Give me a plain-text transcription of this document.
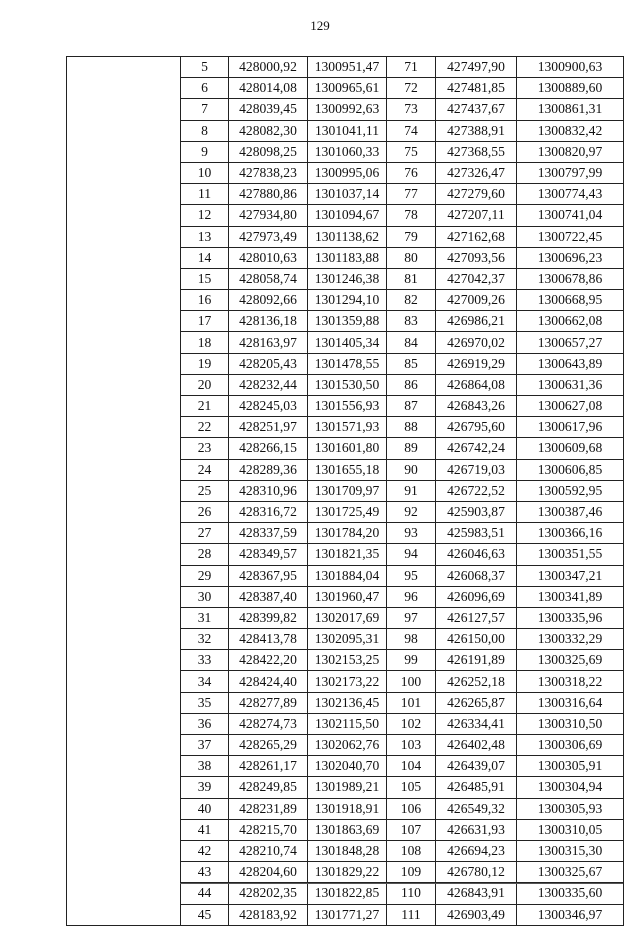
129
	5	428000,92	1300951,47	71	427497,90	1300900,63
	6	428014,08	1300965,61	72	427481,85	1300889,60
	7	428039,45	1300992,63	73	427437,67	1300861,31
	8	428082,30	1301041,11	74	427388,91	1300832,42
	9	428098,25	1301060,33	75	427368,55	1300820,97
	10	427838,23	1300995,06	76	427326,47	1300797,99
	11	427880,86	1301037,14	77	427279,60	1300774,43
	12	427934,80	1301094,67	78	427207,11	1300741,04
	13	427973,49	1301138,62	79	427162,68	1300722,45
	14	428010,63	1301183,88	80	427093,56	1300696,23
	15	428058,74	1301246,38	81	427042,37	1300678,86
	16	428092,66	1301294,10	82	427009,26	1300668,95
	17	428136,18	1301359,88	83	426986,21	1300662,08
	18	428163,97	1301405,34	84	426970,02	1300657,27
	19	428205,43	1301478,55	85	426919,29	1300643,89
	20	428232,44	1301530,50	86	426864,08	1300631,36
	21	428245,03	1301556,93	87	426843,26	1300627,08
	22	428251,97	1301571,93	88	426795,60	1300617,96
	23	428266,15	1301601,80	89	426742,24	1300609,68
	24	428289,36	1301655,18	90	426719,03	1300606,85
	25	428310,96	1301709,97	91	426722,52	1300592,95
	26	428316,72	1301725,49	92	425903,87	1300387,46
	27	428337,59	1301784,20	93	425983,51	1300366,16
	28	428349,57	1301821,35	94	426046,63	1300351,55
	29	428367,95	1301884,04	95	426068,37	1300347,21
	30	428387,40	1301960,47	96	426096,69	1300341,89
	31	428399,82	1302017,69	97	426127,57	1300335,96
	32	428413,78	1302095,31	98	426150,00	1300332,29
	33	428422,20	1302153,25	99	426191,89	1300325,69
	34	428424,40	1302173,22	100	426252,18	1300318,22
	35	428277,89	1302136,45	101	426265,87	1300316,64
	36	428274,73	1302115,50	102	426334,41	1300310,50
	37	428265,29	1302062,76	103	426402,48	1300306,69
	38	428261,17	1302040,70	104	426439,07	1300305,91
	39	428249,85	1301989,21	105	426485,91	1300304,94
	40	428231,89	1301918,91	106	426549,32	1300305,93
	41	428215,70	1301863,69	107	426631,93	1300310,05
	42	428210,74	1301848,28	108	426694,23	1300315,30
	43	428204,60	1301829,22	109	426780,12	1300325,67
	44	428202,35	1301822,85	110	426843,91	1300335,60
	45	428183,92	1301771,27	111	426903,49	1300346,97
